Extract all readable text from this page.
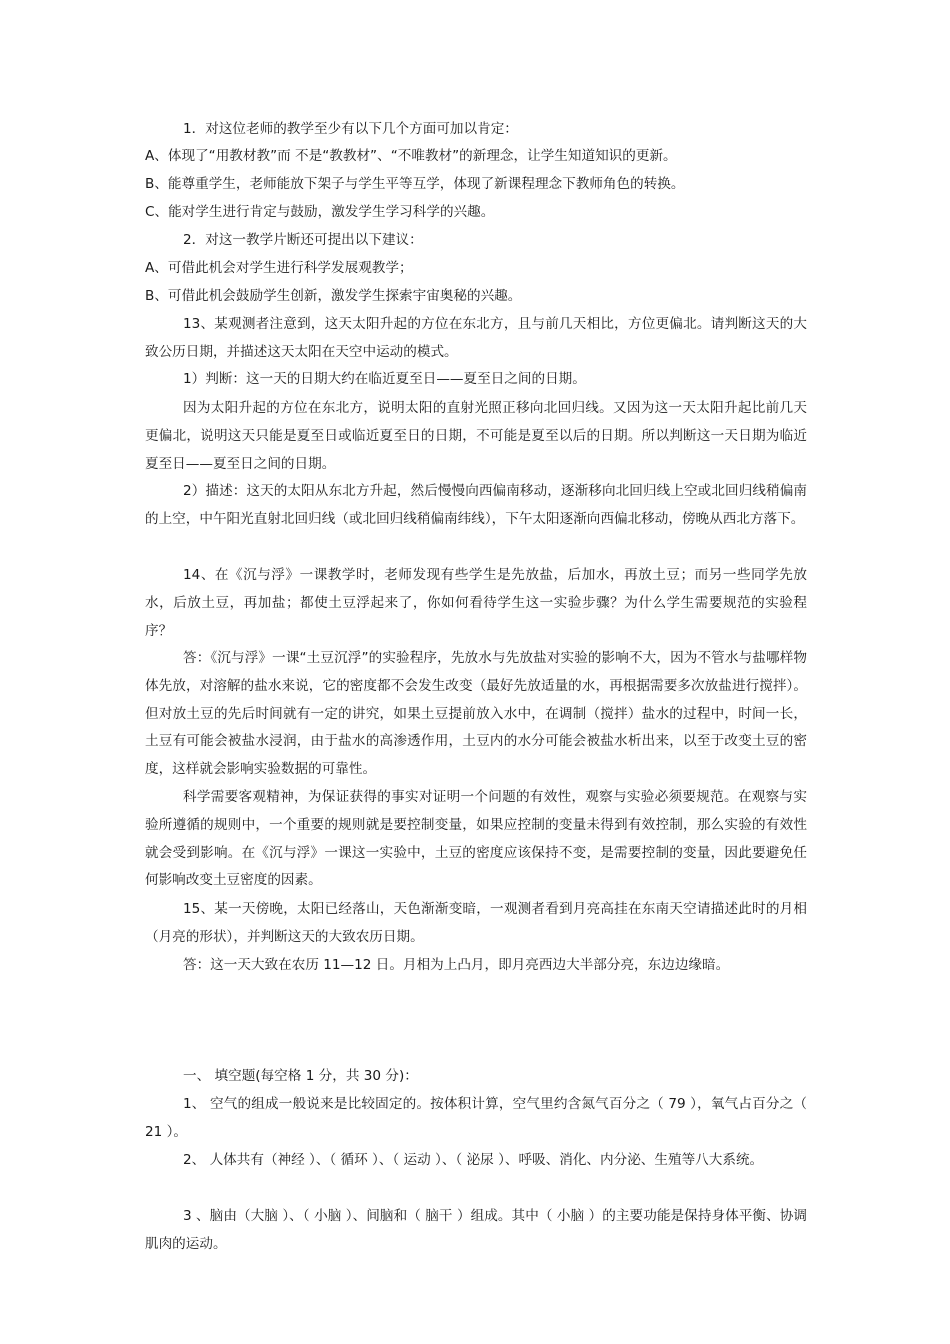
1．对这位老师的教学至少有以下几个方面可加以肯定：

A、体现了“用教材教”而 不是“教教材”、“不唯教材”的新理念，让学生知道知识的更新。

B、能尊重学生，老师能放下架子与学生平等互学，体现了新课程理念下教师角色的转换。

C、能对学生进行肯定与鼓励，激发学生学习科学的兴趣。

2．对这一教学片断还可提出以下建议：

A、可借此机会对学生进行科学发展观教学；

B、可借此机会鼓励学生创新，激发学生探索宇宙奥秘的兴趣。

13、某观测者注意到，这天太阳升起的方位在东北方，且与前几天相比，方位更偏北。请判断这天的大致公历日期，并描述这天太阳在天空中运动的模式。

1）判断：这一天的日期大约在临近夏至日——夏至日之间的日期。

因为太阳升起的方位在东北方，说明太阳的直射光照正移向北回归线。又因为这一天太阳升起比前几天更偏北，说明这天只能是夏至日或临近夏至日的日期，不可能是夏至以后的日期。所以判断这一天日期为临近夏至日——夏至日之间的日期。

2）描述：这天的太阳从东北方升起，然后慢慢向西偏南移动，逐渐移向北回归线上空或北回归线稍偏南的上空，中午阳光直射北回归线（或北回归线稍偏南纬线），下午太阳逐渐向西偏北移动，傍晚从西北方落下。

14、在《沉与浮》一课教学时，老师发现有些学生是先放盐，后加水，再放土豆；而另一些同学先放水，后放土豆，再加盐；都使土豆浮起来了，你如何看待学生这一实验步骤？为什么学生需要规范的实验程序？

答：《沉与浮》一课“土豆沉浮”的实验程序，先放水与先放盐对实验的影响不大，因为不管水与盐哪样物体先放，对溶解的盐水来说，它的密度都不会发生改变（最好先放适量的水，再根据需要多次放盐进行搅拌）。但对放土豆的先后时间就有一定的讲究，如果土豆提前放入水中，在调制（搅拌）盐水的过程中，时间一长，土豆有可能会被盐水浸润，由于盐水的高渗透作用，土豆内的水分可能会被盐水析出来，以至于改变土豆的密度，这样就会影响实验数据的可靠性。

科学需要客观精神，为保证获得的事实对证明一个问题的有效性，观察与实验必须要规范。在观察与实验所遵循的规则中，一个重要的规则就是要控制变量，如果应控制的变量未得到有效控制，那么实验的有效性就会受到影响。在《沉与浮》一课这一实验中，土豆的密度应该保持不变，是需要控制的变量，因此要避免任何影响改变土豆密度的因素。

15、某一天傍晚，太阳已经落山，天色渐渐变暗，一观测者看到月亮高挂在东南天空请描述此时的月相（月亮的形状），并判断这天的大致农历日期。

答：这一天大致在农历 11—12 日。月相为上凸月，即月亮西边大半部分亮，东边边缘暗。

一、 填空题(每空格 1 分，共 30 分)：

1、 空气的组成一般说来是比较固定的。按体积计算，空气里约含氮气百分之（ 79 ），氧气占百分之（ 21 ）。

2、 人体共有（神经 ）、（ 循环 ）、（ 运动 ）、（ 泌尿 ）、呼吸、消化、内分泌、生殖等八大系统。

3 、脑由（大脑 ）、（ 小脑 ）、间脑和（ 脑干 ）组成。其中（ 小脑 ）的主要功能是保持身体平衡、协调肌肉的运动。
